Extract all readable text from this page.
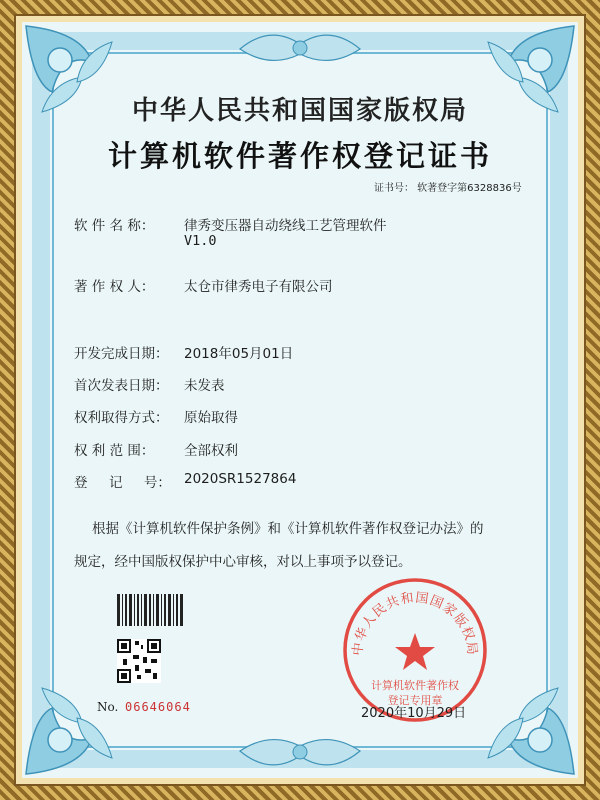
中华人民共和国国家版权局
计算机软件著作权登记证书
证书号： 软著登字第6328836号
软 件 名 称： 律秀变压器自动绕线工艺管理软件
V1.0
著 作 权 人： 太仓市律秀电子有限公司
开发完成日期： 2018年05月01日
首次发表日期： 未发表
权利取得方式： 原始取得
权 利 范 围： 全部权利
登     记     号： 2020SR1527864
根据《计算机软件保护条例》和《计算机软件著作权登记办法》的
规定，经中国版权保护中心审核，对以上事项予以登记。
No. 06646064
中华人民共和国国家版权局
计算机软件著作权
登记专用章
2020年10月29日
